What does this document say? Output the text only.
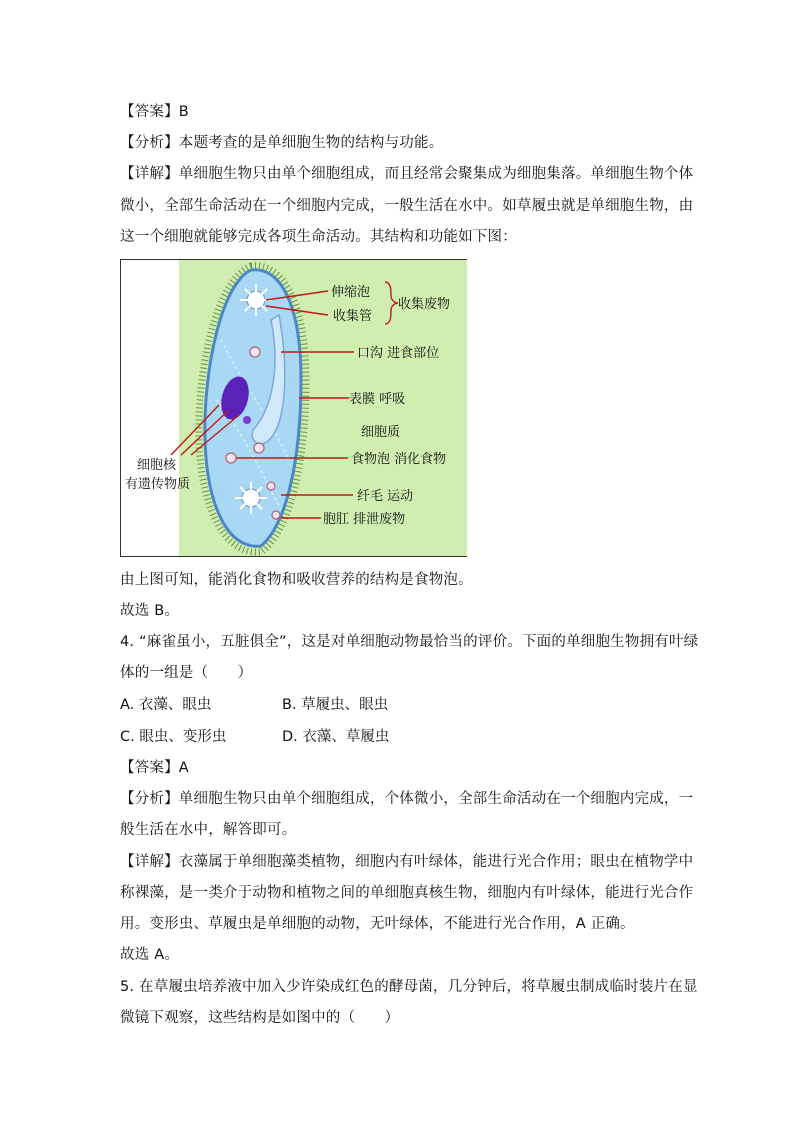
【答案】B
【分析】本题考查的是单细胞生物的结构与功能。
【详解】单细胞生物只由单个细胞组成，而且经常会聚集成为细胞集落。单细胞生物个体
微小，全部生命活动在一个细胞内完成，一般生活在水中。如草履虫就是单细胞生物，由
这一个细胞就能够完成各项生命活动。其结构和功能如下图：
伸缩泡
收集管
收集废物
口沟 进食部位
表膜 呼吸
细胞质
食物泡 消化食物
细胞核
有遗传物质
纤毛 运动
胞肛 排泄废物
由上图可知，能消化食物和吸收营养的结构是食物泡。
故选 B。
4. “麻雀虽小，五脏俱全”，这是对单细胞动物最恰当的评价。下面的单细胞生物拥有叶绿
体的一组是（　　）
A. 衣藻、眼虫	B. 草履虫、眼虫
C. 眼虫、变形虫	D. 衣藻、草履虫
【答案】A
【分析】单细胞生物只由单个细胞组成，个体微小，全部生命活动在一个细胞内完成，一
般生活在水中，解答即可。
【详解】衣藻属于单细胞藻类植物，细胞内有叶绿体，能进行光合作用；眼虫在植物学中
称裸藻，是一类介于动物和植物之间的单细胞真核生物，细胞内有叶绿体，能进行光合作
用。变形虫、草履虫是单细胞的动物，无叶绿体，不能进行光合作用，A 正确。
故选 A。
5. 在草履虫培养液中加入少许染成红色的酵母菌，几分钟后，将草履虫制成临时装片在显
微镜下观察，这些结构是如图中的（　　）
